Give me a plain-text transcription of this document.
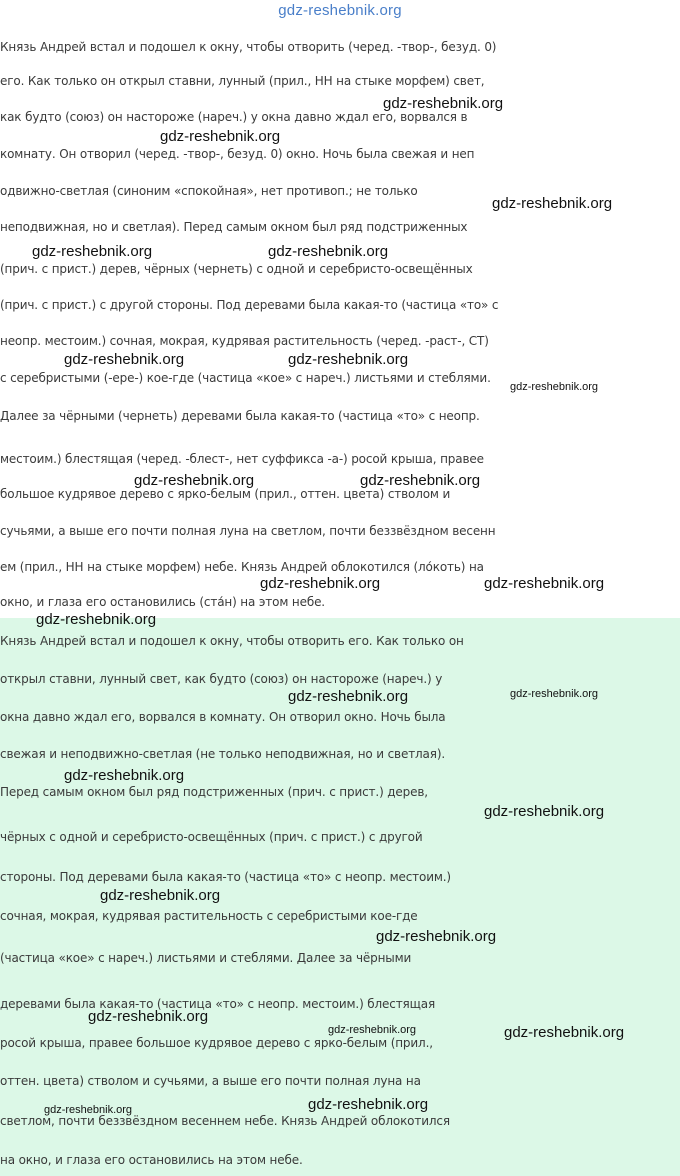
gdz-reshebnik.org
Князь Андрей встал и подошел к окну, чтобы отворить (черед. -твор-, безуд. 0)
его. Как только он открыл ставни, лунный (прил., НН на стыке морфем) свет,
как будто (союз) он настороже (нареч.) у окна давно ждал его, ворвался в
комнату. Он отворил (черед. -твор-, безуд. 0) окно. Ночь была свежая и неп
одвижно-светлая (синоним «спокойная», нет противоп.; не только
неподвижная, но и светлая). Перед самым окном был ряд подстриженных
(прич. с прист.) дерев, чёрных (чернеть) с одной и серебристо-освещённых
(прич. с прист.) с другой стороны. Под деревами была какая-то (частица «то» с
неопр. местоим.) сочная, мокрая, кудрявая растительность (черед. -раст-, СТ)
с серебристыми (-ере-) кое-где (частица «кое» с нареч.) листьями и стеблями.
Далее за чёрными (чернеть) деревами была какая-то (частица «то» с неопр.
местоим.) блестящая (черед. -блест-, нет суффикса -а-) росой крыша, правее
большое кудрявое дерево с ярко-белым (прил., оттен. цвета) стволом и
сучьями, а выше его почти полная луна на светлом, почти беззвёздном весенн
ем (прил., НН на стыке морфем) небе. Князь Андрей облокотился (ло́коть) на
окно, и глаза его остановились (ста́н) на этом небе.
Князь Андрей встал и подошел к окну, чтобы отворить его. Как только он
открыл ставни, лунный свет, как будто (союз) он настороже (нареч.) у
окна давно ждал его, ворвался в комнату. Он отворил окно. Ночь была
свежая и неподвижно-светлая (не только неподвижная, но и светлая).
Перед самым окном был ряд подстриженных (прич. с прист.) дерев,
чёрных с одной и серебристо-освещённых (прич. с прист.) с другой
стороны. Под деревами была какая-то (частица «то» с неопр. местоим.)
сочная, мокрая, кудрявая растительность с серебристыми кое-где
(частица «кое» с нареч.) листьями и стеблями. Далее за чёрными
деревами была какая-то (частица «то» с неопр. местоим.) блестящая
росой крыша, правее большое кудрявое дерево с ярко-белым (прил.,
оттен. цвета) стволом и сучьями, а выше его почти полная луна на
светлом, почти беззвёздном весеннем небе. Князь Андрей облокотился
на окно, и глаза его остановились на этом небе.
gdz-reshebnik.org
gdz-reshebnik.org
gdz-reshebnik.org
gdz-reshebnik.org	gdz-reshebnik.org
gdz-reshebnik.org	gdz-reshebnik.org
gdz-reshebnik.org
gdz-reshebnik.org	gdz-reshebnik.org
gdz-reshebnik.org	gdz-reshebnik.org
gdz-reshebnik.org
gdz-reshebnik.org	gdz-reshebnik.org
gdz-reshebnik.org
gdz-reshebnik.org
gdz-reshebnik.org
gdz-reshebnik.org
gdz-reshebnik.org
gdz-reshebnik.org	gdz-reshebnik.org
gdz-reshebnik.org	gdz-reshebnik.org
